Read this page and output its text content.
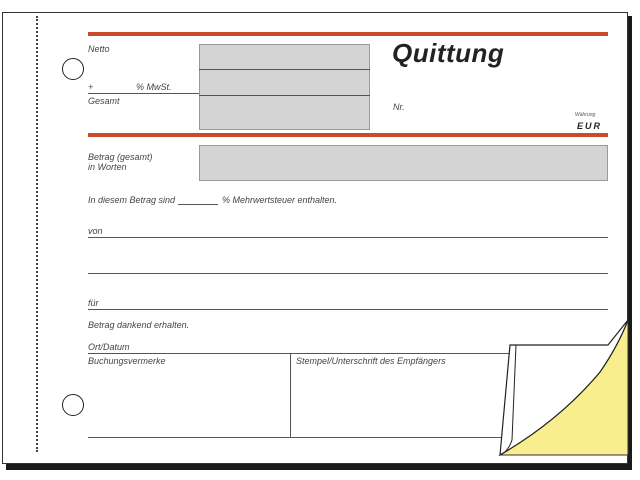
Netto
+	% MwSt.
Gesamt
Quittung
Nr.
Währung
EUR
Betrag (gesamt)
in Worten
In diesem Betrag sind	% Mehrwertsteuer enthalten.
von
für
Betrag dankend erhalten.
Ort/Datum
Buchungsvermerke	Stempel/Unterschrift des Empfängers
